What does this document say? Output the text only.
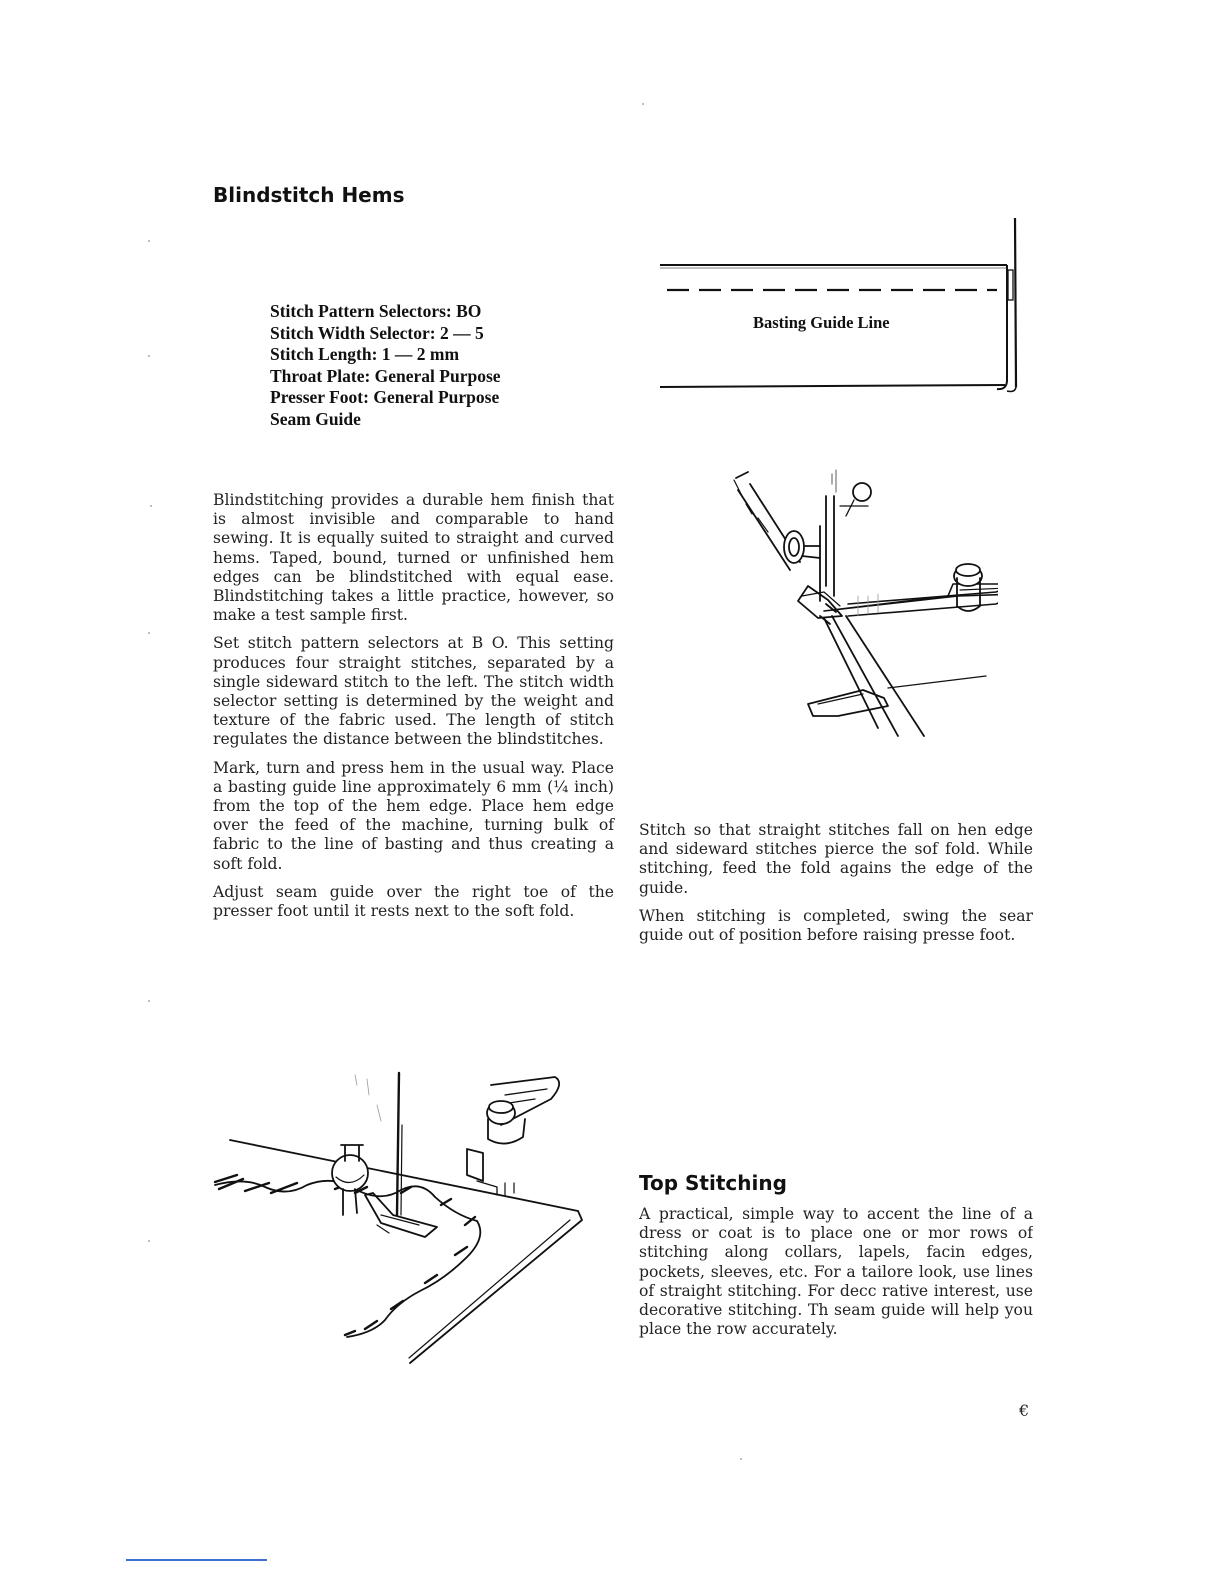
Blindstitch Hems
Stitch Pattern Selectors: BO
Stitch Width Selector: 2 — 5
Stitch Length: 1 — 2 mm
Throat Plate: General Purpose
Presser Foot: General Purpose
Seam Guide
Basting Guide Line

Blindstitching provides a durable hem finish that is almost invisible and comparable to hand sewing. It is equally suited to straight and curved hems. Taped, bound, turned or unfinished hem edges can be blindstitched with equal ease. Blindstitching takes a little practice, however, so make a test sample first.

Set stitch pattern selectors at B O. This setting produces four straight stitches, separated by a single sideward stitch to the left. The stitch width selector setting is determined by the weight and texture of the fabric used. The length of stitch regulates the distance between the blindstitches.

Mark, turn and press hem in the usual way. Place a basting guide line approximately 6 mm (¼ inch) from the top of the hem edge. Place hem edge over the feed of the machine, turning bulk of fabric to the line of basting and thus creating a soft fold.

Adjust seam guide over the right toe of the presser foot until it rests next to the soft fold.

Stitch so that straight stitches fall on hen edge and sideward stitches pierce the sof fold. While stitching, feed the fold agains the edge of the guide.

When stitching is completed, swing the sear guide out of position before raising presse foot.

Top Stitching

A practical, simple way to accent the line of a dress or coat is to place one or mor rows of stitching along collars, lapels, facin edges, pockets, sleeves, etc. For a tailore look, use lines of straight stitching. For decc rative interest, use decorative stitching. Th seam guide will help you place the row accurately.

€
